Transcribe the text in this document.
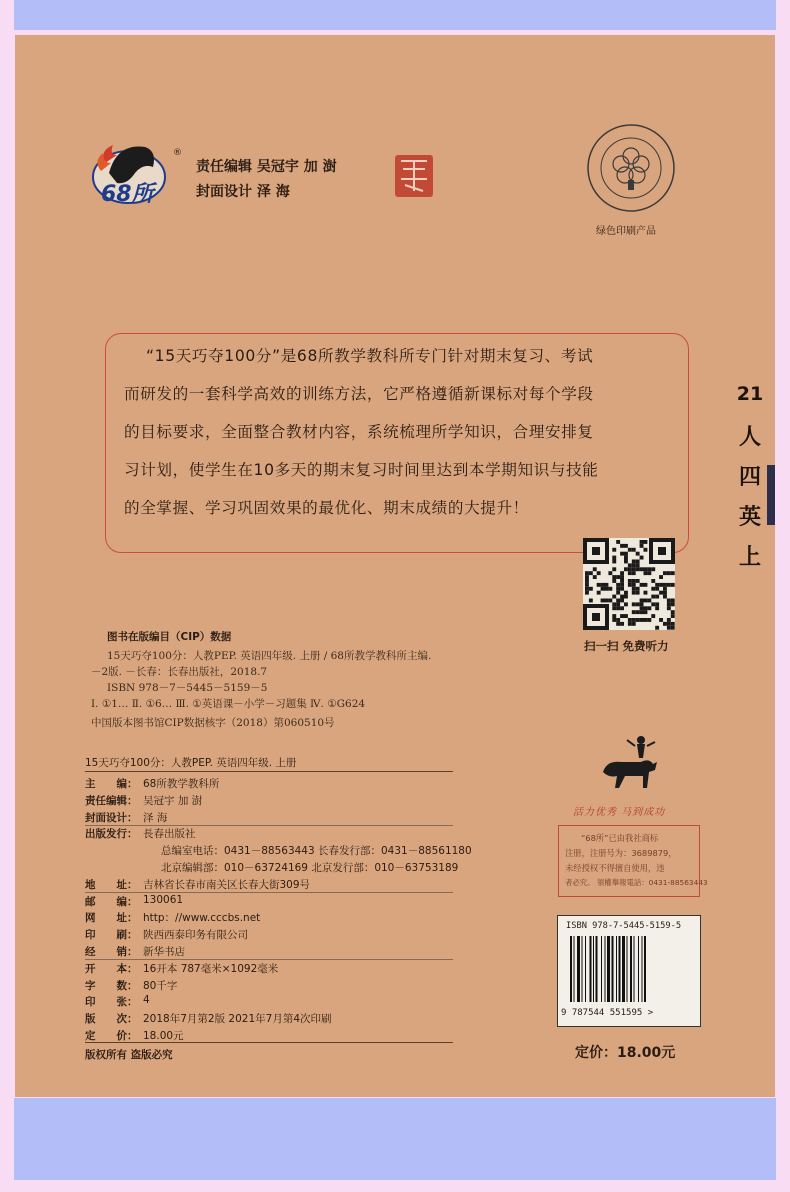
68所
®
责任编辑 吴冠宇 加 澍
封面设计 泽 海
绿色印刷产品
“15天巧夺100分”是68所教学教科所专门针对期末复习、考试
而研发的一套科学高效的训练方法，它严格遵循新课标对每个学段
的目标要求，全面整合教材内容，系统梳理所学知识，合理安排复
习计划，使学生在10多天的期末复习时间里达到本学期知识与技能
的全掌握、学习巩固效果的最优化、期末成绩的大提升！
21
人
四
英
上
扫一扫 免费听力
图书在版编目（CIP）数据
15天巧夺100分：人教PEP. 英语四年级. 上册 / 68所教学教科所主编.
－2版. －长春：长春出版社，2018.7
ISBN 978－7－5445－5159－5
Ⅰ. ①1… Ⅱ. ①6… Ⅲ. ①英语课－小学－习题集 Ⅳ. ①G624
中国版本图书馆CIP数据核字（2018）第060510号
15天巧夺100分：人教PEP. 英语四年级. 上册
主　　编： 68所教学教科所
责任编辑： 吴冠宇 加 澍
封面设计： 泽 海
出版发行： 長春出版社
总编室电话：0431－88563443 长春发行部：0431－88561180
北京编辑部：010－63724169 北京发行部：010－63753189
地　　址： 吉林省长春市南关区长春大街309号
邮　　编： 130061
网　　址： http：//www.cccbs.net
印　　刷： 陕西西泰印务有限公司
经　　销： 新华书店
开　　本： 16开本 787毫米×1092毫米
字　　数： 80千字
印　　张： 4
版　　次： 2018年7月第2版 2021年7月第4次印刷
定　　价： 18.00元
版权所有 盗版必究
活力优秀 马到成功
“68所”已由我社商标
注册，注册号为：3689879，
未经授权不得擅自使用，违
者必究。 領權舉報電話：0431-88563443
ISBN 978-7-5445-5159-5
9 787544 551595 >
定价：18.00元
